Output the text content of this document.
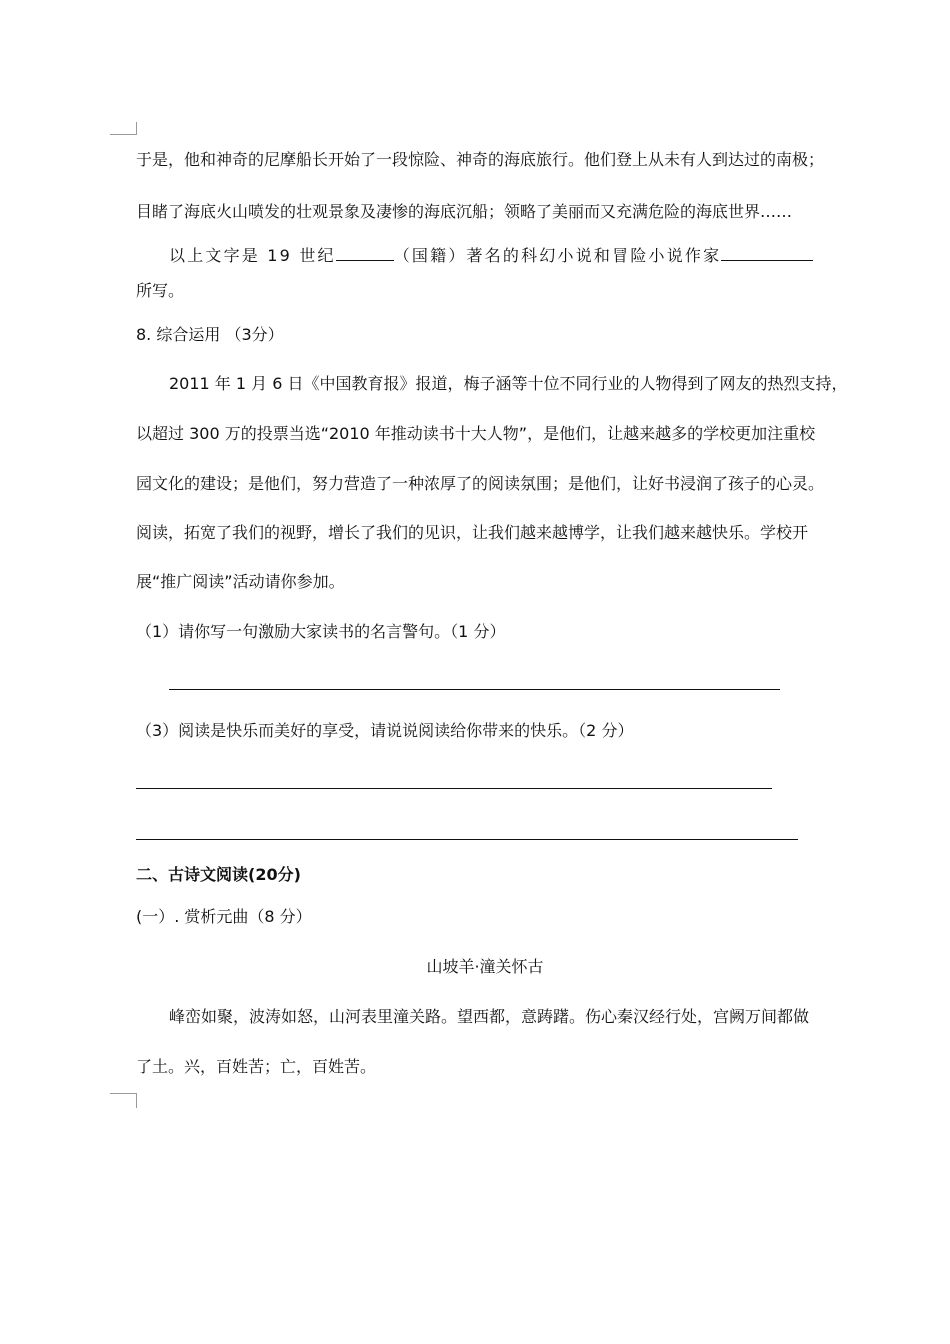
于是，他和神奇的尼摩船长开始了一段惊险、神奇的海底旅行。他们登上从未有人到达过的南极；
目睹了海底火山喷发的壮观景象及凄惨的海底沉船；领略了美丽而又充满危险的海底世界……
以上文字是 19 世纪	（国籍）著名的科幻小说和冒险小说作家
所写。
8. 综合运用 （3分）
2011 年 1 月 6 日《中国教育报》报道，梅子涵等十位不同行业的人物得到了网友的热烈支持，
以超过 300 万的投票当选“2010 年推动读书十大人物”，是他们，让越来越多的学校更加注重校
园文化的建设；是他们，努力营造了一种浓厚了的阅读氛围；是他们，让好书浸润了孩子的心灵。
阅读，拓宽了我们的视野，增长了我们的见识，让我们越来越博学，让我们越来越快乐。学校开
展“推广阅读”活动请你参加。
（1）请你写一句激励大家读书的名言警句。（1 分）
（3）阅读是快乐而美好的享受，请说说阅读给你带来的快乐。（2 分）
二、古诗文阅读(20分)
(一）. 赏析元曲（8 分）
山坡羊·潼关怀古
峰峦如聚，波涛如怒，山河表里潼关路。望西都，意踌躇。伤心秦汉经行处，宫阙万间都做
了土。兴，百姓苦；亡，百姓苦。
